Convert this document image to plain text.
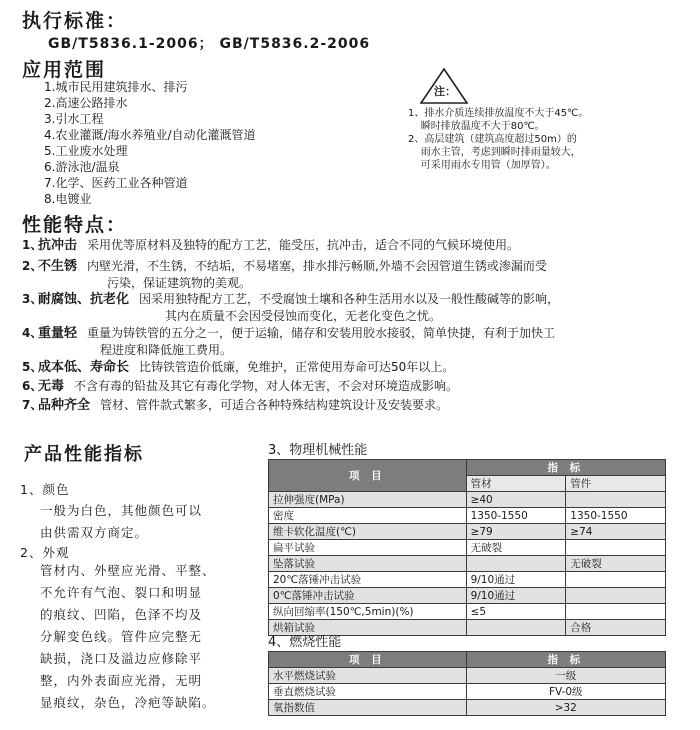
执行标准：
GB/T5836.1-2006； GB/T5836.2-2006
应用范围
1.城市民用建筑排水、排污
2.高速公路排水
3.引水工程
4.农业灌溉/海水养殖业/自动化灌溉管道
5.工业废水处理
6.游泳池/温泉
7.化学、医药工业各种管道
8.电镀业
注：
1、排水介质连续排放温度不大于45℃。
瞬时排放温度不大于80℃。
2、高层建筑（建筑高度超过50m）的
雨水主管，考虑到瞬时排雨量较大，
可采用雨水专用管（加厚管）。
性能特点：
1、抗冲击 采用优等原材料及独特的配方工艺，能受压，抗冲击，适合不同的气候环境使用。
2、不生锈 内壁光滑，不生锈，不结垢，不易堵塞，排水排污畅顺,外墙不会因管道生锈或渗漏而受
污染，保证建筑物的美观。
3、耐腐蚀、抗老化 因采用独特配方工艺，不受腐蚀土壤和各种生活用水以及一般性酸碱等的影响，
其内在质量不会因受侵蚀而变化，无老化变色之忧。
4、重量轻 重量为铸铁管的五分之一，便于运输，储存和安装用胶水接驳，简单快捷，有利于加快工
程进度和降低施工费用。
5、成本低、寿命长 比铸铁管造价低廉，免维护，正常使用寿命可达50年以上。
6、无毒 不含有毒的铅盐及其它有毒化学物，对人体无害，不会对环境造成影响。
7、品种齐全 管材、管件款式繁多，可适合各种特殊结构建筑设计及安装要求。
产品性能指标
1、颜色
一般为白色，其他颜色可以
由供需双方商定。
2、外观
管材内、外壁应光滑、平整、
不允许有气泡、裂口和明显
的痕纹、凹陷，色泽不均及
分解变色线。管件应完整无
缺损，浇口及溢边应修除平
整，内外表面应光滑，无明
显痕纹，杂色，冷疤等缺陷。
3、物理机械性能
项 目	指 标	
	管材	管件
拉伸强度(MPa)	≥40	
密度	1350-1550	1350-1550
维卡软化温度(℃)	≥79	≥74
扁平试验	无破裂	
坠落试验		无破裂
20℃落锤冲击试验	9/10通过	
0℃落锤冲击试验	9/10通过	
纵向回缩率(150℃,5min)(%)	≤5	
烘箱试验		合格
4、燃烧性能
项 目	指 标
水平燃烧试验	一级
垂直燃烧试验	FV-0级
氧指数值	>32
